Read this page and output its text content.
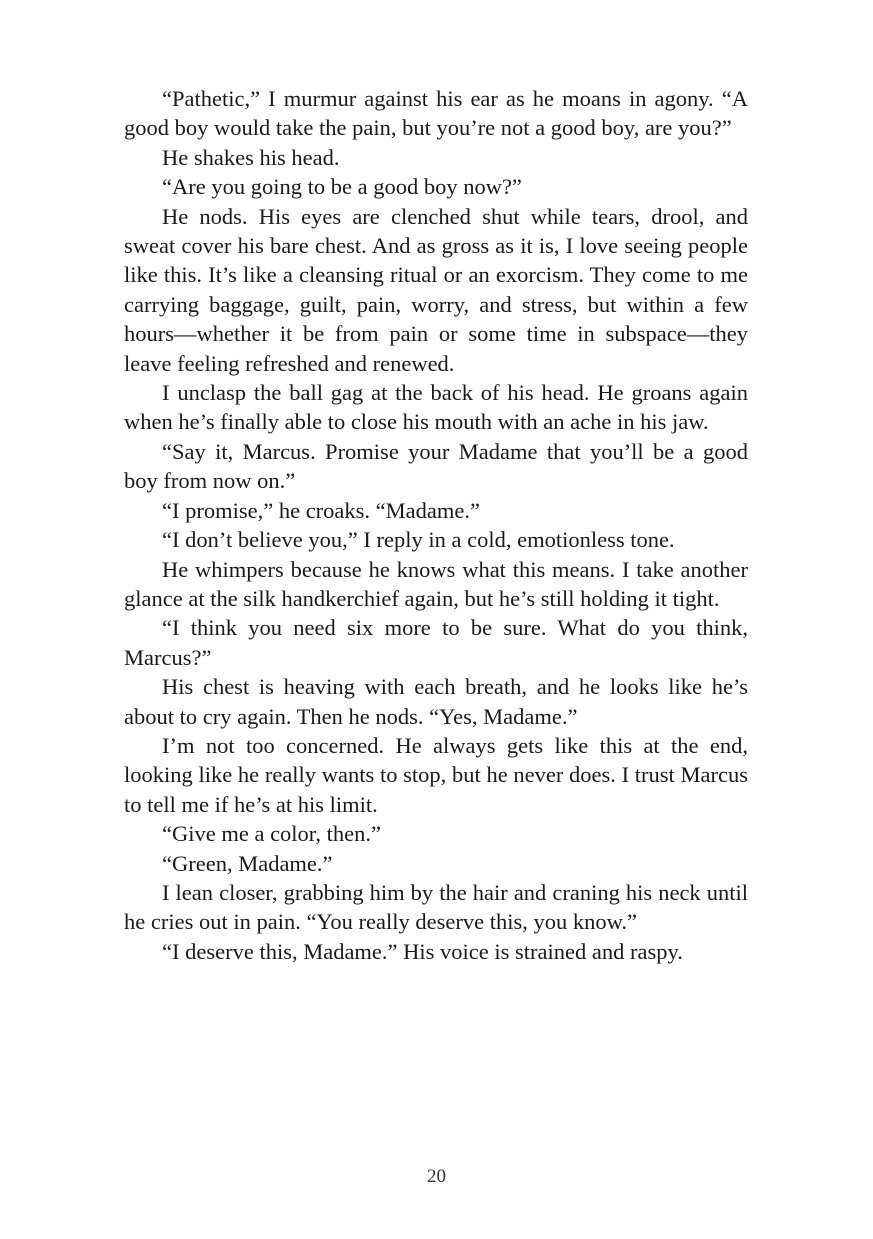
“Pathetic,” I murmur against his ear as he moans in agony. “A good boy would take the pain, but you’re not a good boy, are you?”

He shakes his head.

“Are you going to be a good boy now?”

He nods. His eyes are clenched shut while tears, drool, and sweat cover his bare chest. And as gross as it is, I love seeing people like this. It’s like a cleansing ritual or an exorcism. They come to me carrying baggage, guilt, pain, worry, and stress, but within a few hours—whether it be from pain or some time in subspace—they leave feeling refreshed and renewed.

I unclasp the ball gag at the back of his head. He groans again when he’s finally able to close his mouth with an ache in his jaw.

“Say it, Marcus. Promise your Madame that you’ll be a good boy from now on.”

“I promise,” he croaks. “Madame.”

“I don’t believe you,” I reply in a cold, emotionless tone.

He whimpers because he knows what this means. I take another glance at the silk handkerchief again, but he’s still holding it tight.

“I think you need six more to be sure. What do you think, Marcus?”

His chest is heaving with each breath, and he looks like he’s about to cry again. Then he nods. “Yes, Madame.”

I’m not too concerned. He always gets like this at the end, looking like he really wants to stop, but he never does. I trust Marcus to tell me if he’s at his limit.

“Give me a color, then.”

“Green, Madame.”

I lean closer, grabbing him by the hair and craning his neck until he cries out in pain. “You really deserve this, you know.”

“I deserve this, Madame.” His voice is strained and raspy.

20
